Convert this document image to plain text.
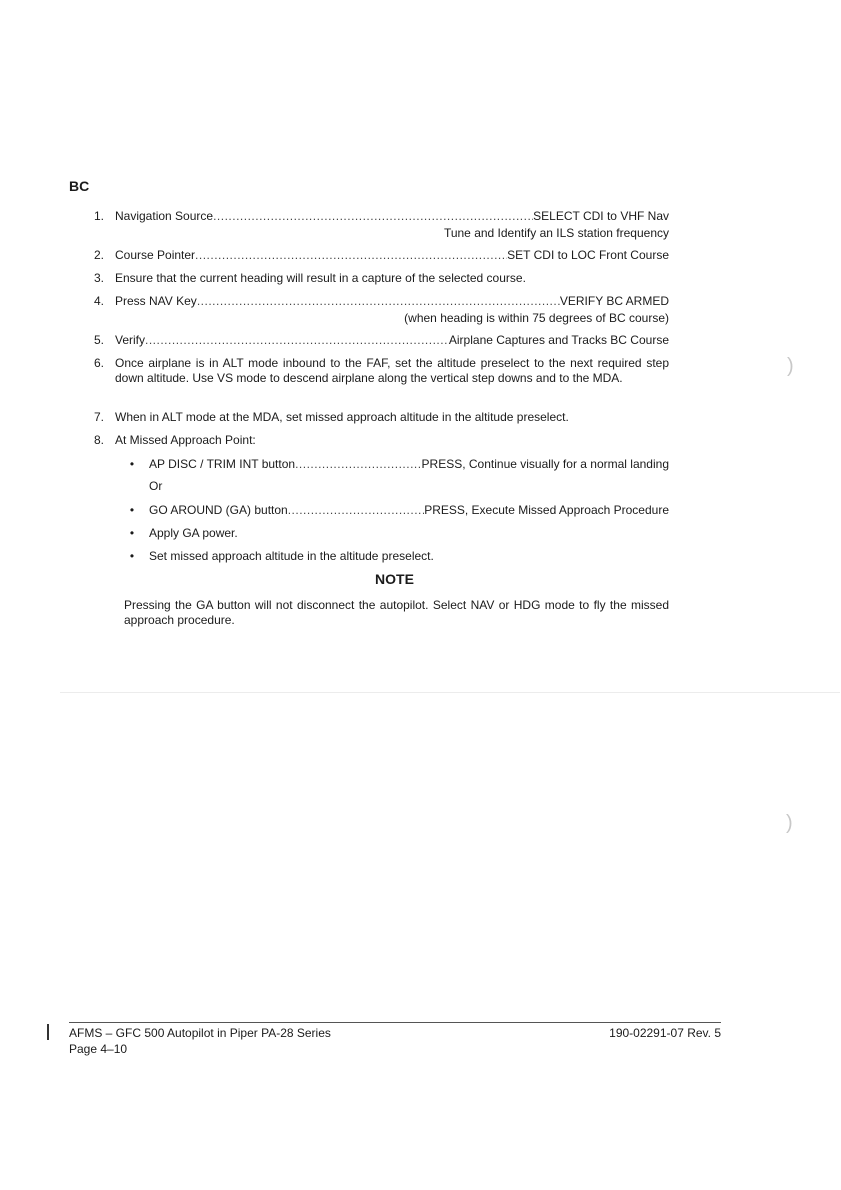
)
)
BC
1. Navigation Source .....	SELECT CDI to VHF Nav
Tune and Identify an ILS station frequency
2. Course Pointer .....	SET CDI to LOC Front Course
3. Ensure that the current heading will result in a capture of the selected course.
4. Press NAV Key .....	VERIFY BC ARMED
(when heading is within 75 degrees of BC course)
5. Verify .....	Airplane Captures and Tracks BC Course
6. Once airplane is in ALT mode inbound to the FAF, set the altitude preselect to the next required step down altitude. Use VS mode to descend airplane along the vertical step downs and to the MDA.
7. When in ALT mode at the MDA, set missed approach altitude in the altitude preselect.
8. At Missed Approach Point:
• AP DISC / TRIM INT button .....	PRESS, Continue visually for a normal landing
Or
• GO AROUND (GA) button .....	PRESS, Execute Missed Approach Procedure
• Apply GA power.
• Set missed approach altitude in the altitude preselect.
NOTE
Pressing the GA button will not disconnect the autopilot. Select NAV or HDG mode to fly the missed approach procedure.
AFMS – GFC 500 Autopilot in Piper PA-28 Series
Page 4–10
190-02291-07 Rev. 5
